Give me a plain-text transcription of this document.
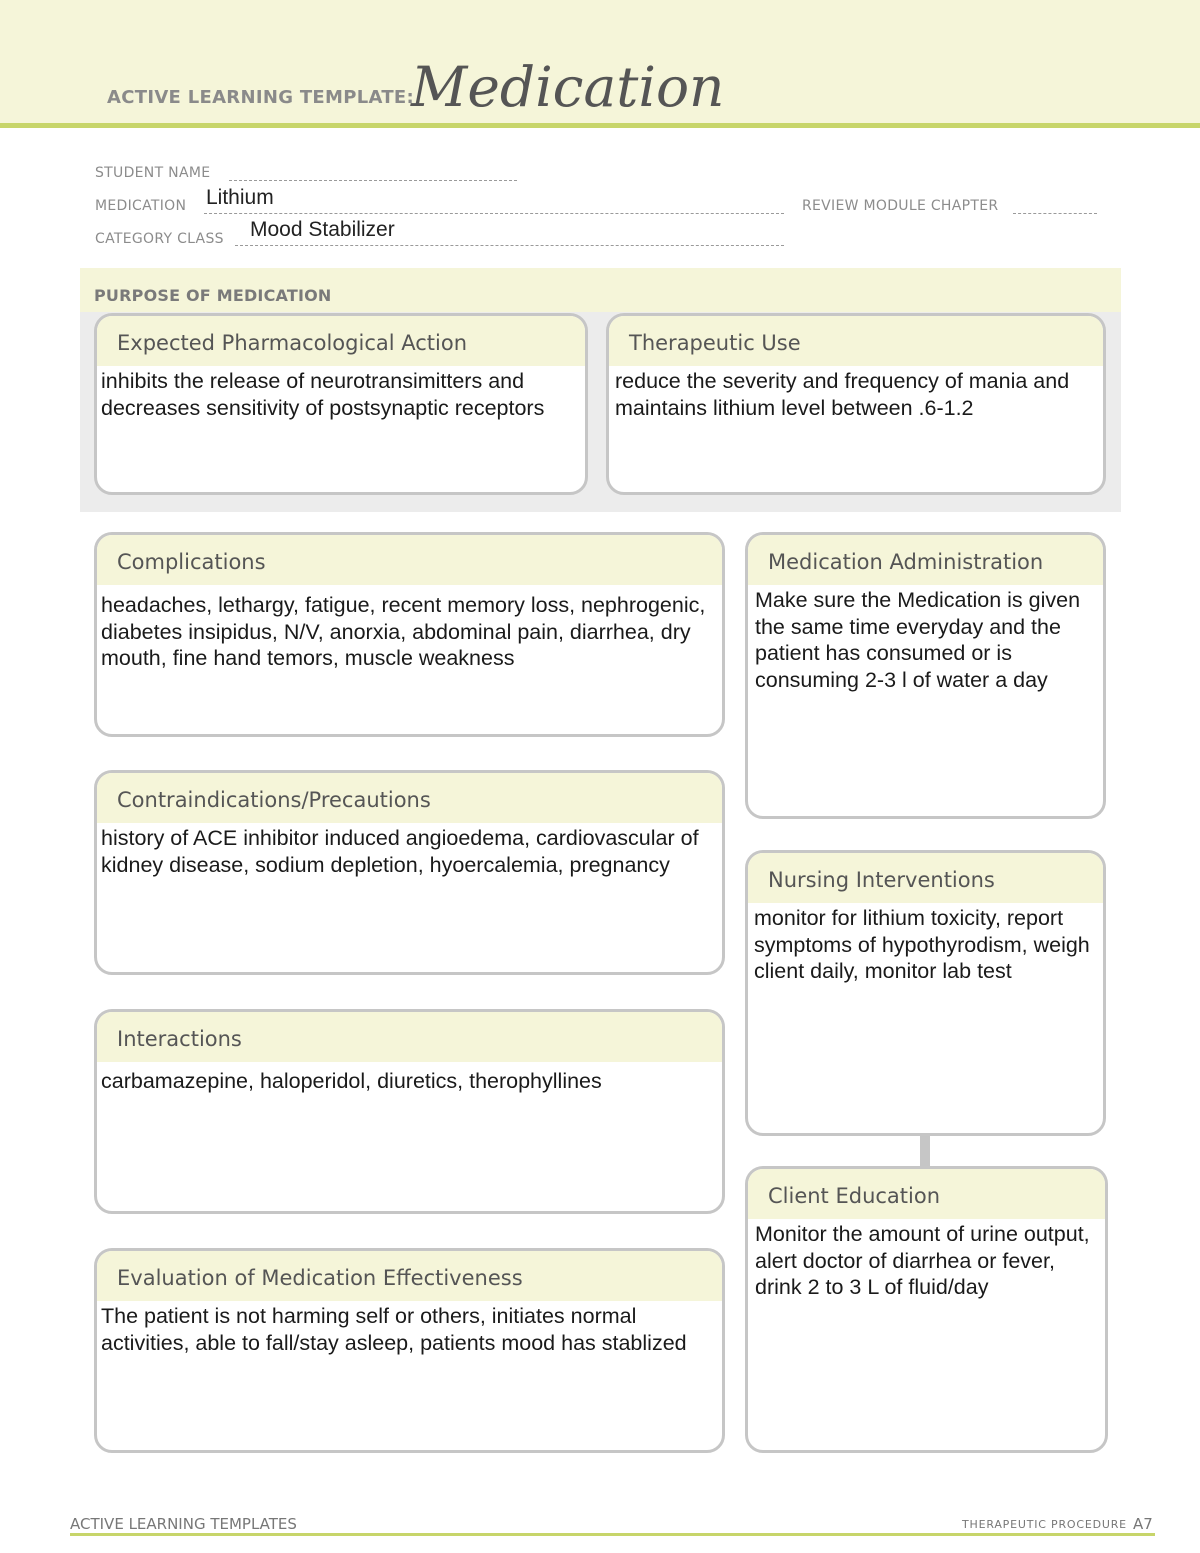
ACTIVE LEARNING TEMPLATE:
Medication
STUDENT NAME
MEDICATION Lithium	REVIEW MODULE CHAPTER
CATEGORY CLASS Mood Stabilizer
PURPOSE OF MEDICATION
Expected Pharmacological Action
inhibits the release of neurotransimitters and decreases sensitivity of postsynaptic receptors
Therapeutic Use
reduce the severity and frequency of mania and maintains lithium level between .6-1.2
Complications
headaches, lethargy, fatigue, recent memory loss, nephrogenic, diabetes insipidus, N/V, anorxia, abdominal pain, diarrhea, dry mouth, fine hand temors, muscle weakness
Contraindications/Precautions
history of ACE inhibitor induced angioedema, cardiovascular of kidney disease, sodium depletion, hyoercalemia, pregnancy
Interactions
carbamazepine, haloperidol, diuretics, therophyllines
Evaluation of Medication Effectiveness
The patient is not harming self or others, initiates normal activities, able to fall/stay asleep, patients mood has stablized
Medication Administration
Make sure the Medication is given the same time everyday and the patient has consumed or is consuming 2-3 l of water a day
Nursing Interventions
monitor for lithium toxicity, report symptoms of hypothyrodism, weigh client daily, monitor lab test
Client Education
Monitor the amount of urine output, alert doctor of diarrhea or fever, drink 2 to 3 L of fluid/day
ACTIVE LEARNING TEMPLATES	THERAPEUTIC PROCEDURE A7
